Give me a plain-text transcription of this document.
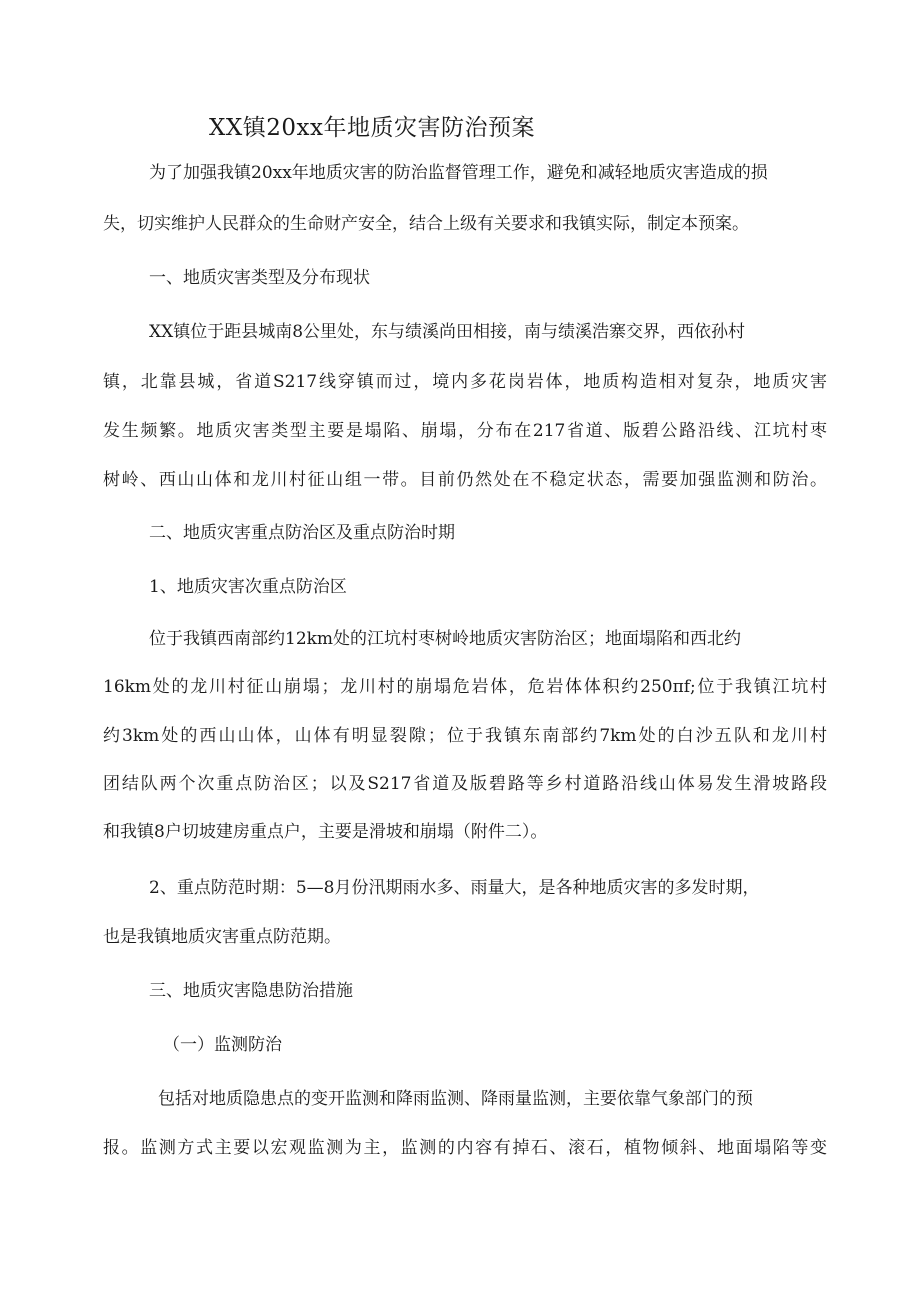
XX镇20xx年地质灾害防治预案
为了加强我镇20xx年地质灾害的防治监督管理工作，避免和减轻地质灾害造成的损
失，切实维护人民群众的生命财产安全，结合上级有关要求和我镇实际，制定本预案。
一、地质灾害类型及分布现状
XX镇位于距县城南8公里处，东与绩溪尚田相接，南与绩溪浩寨交界，西依孙村
镇，北靠县城，省道S217线穿镇而过，境内多花岗岩体，地质构造相对复杂，地质灾害
发生频繁。地质灾害类型主要是塌陷、崩塌，分布在217省道、版碧公路沿线、江坑村枣
树岭、西山山体和龙川村征山组一带。目前仍然处在不稳定状态，需要加强监测和防治。
二、地质灾害重点防治区及重点防治时期
1、地质灾害次重点防治区
位于我镇西南部约12km处的江坑村枣树岭地质灾害防治区；地面塌陷和西北约
16km处的龙川村征山崩塌；龙川村的崩塌危岩体，危岩体体积约250πf;位于我镇江坑村
约3km处的西山山体，山体有明显裂隙；位于我镇东南部约7km处的白沙五队和龙川村
团结队两个次重点防治区；以及S217省道及版碧路等乡村道路沿线山体易发生滑坡路段
和我镇8户切坡建房重点户，主要是滑坡和崩塌（附件二）。
2、重点防范时期：5—8月份汛期雨水多、雨量大，是各种地质灾害的多发时期，
也是我镇地质灾害重点防范期。
三、地质灾害隐患防治措施
（一）监测防治
包括对地质隐患点的变开监测和降雨监测、降雨量监测，主要依靠气象部门的预
报。监测方式主要以宏观监测为主，监测的内容有掉石、滚石，植物倾斜、地面塌陷等变
